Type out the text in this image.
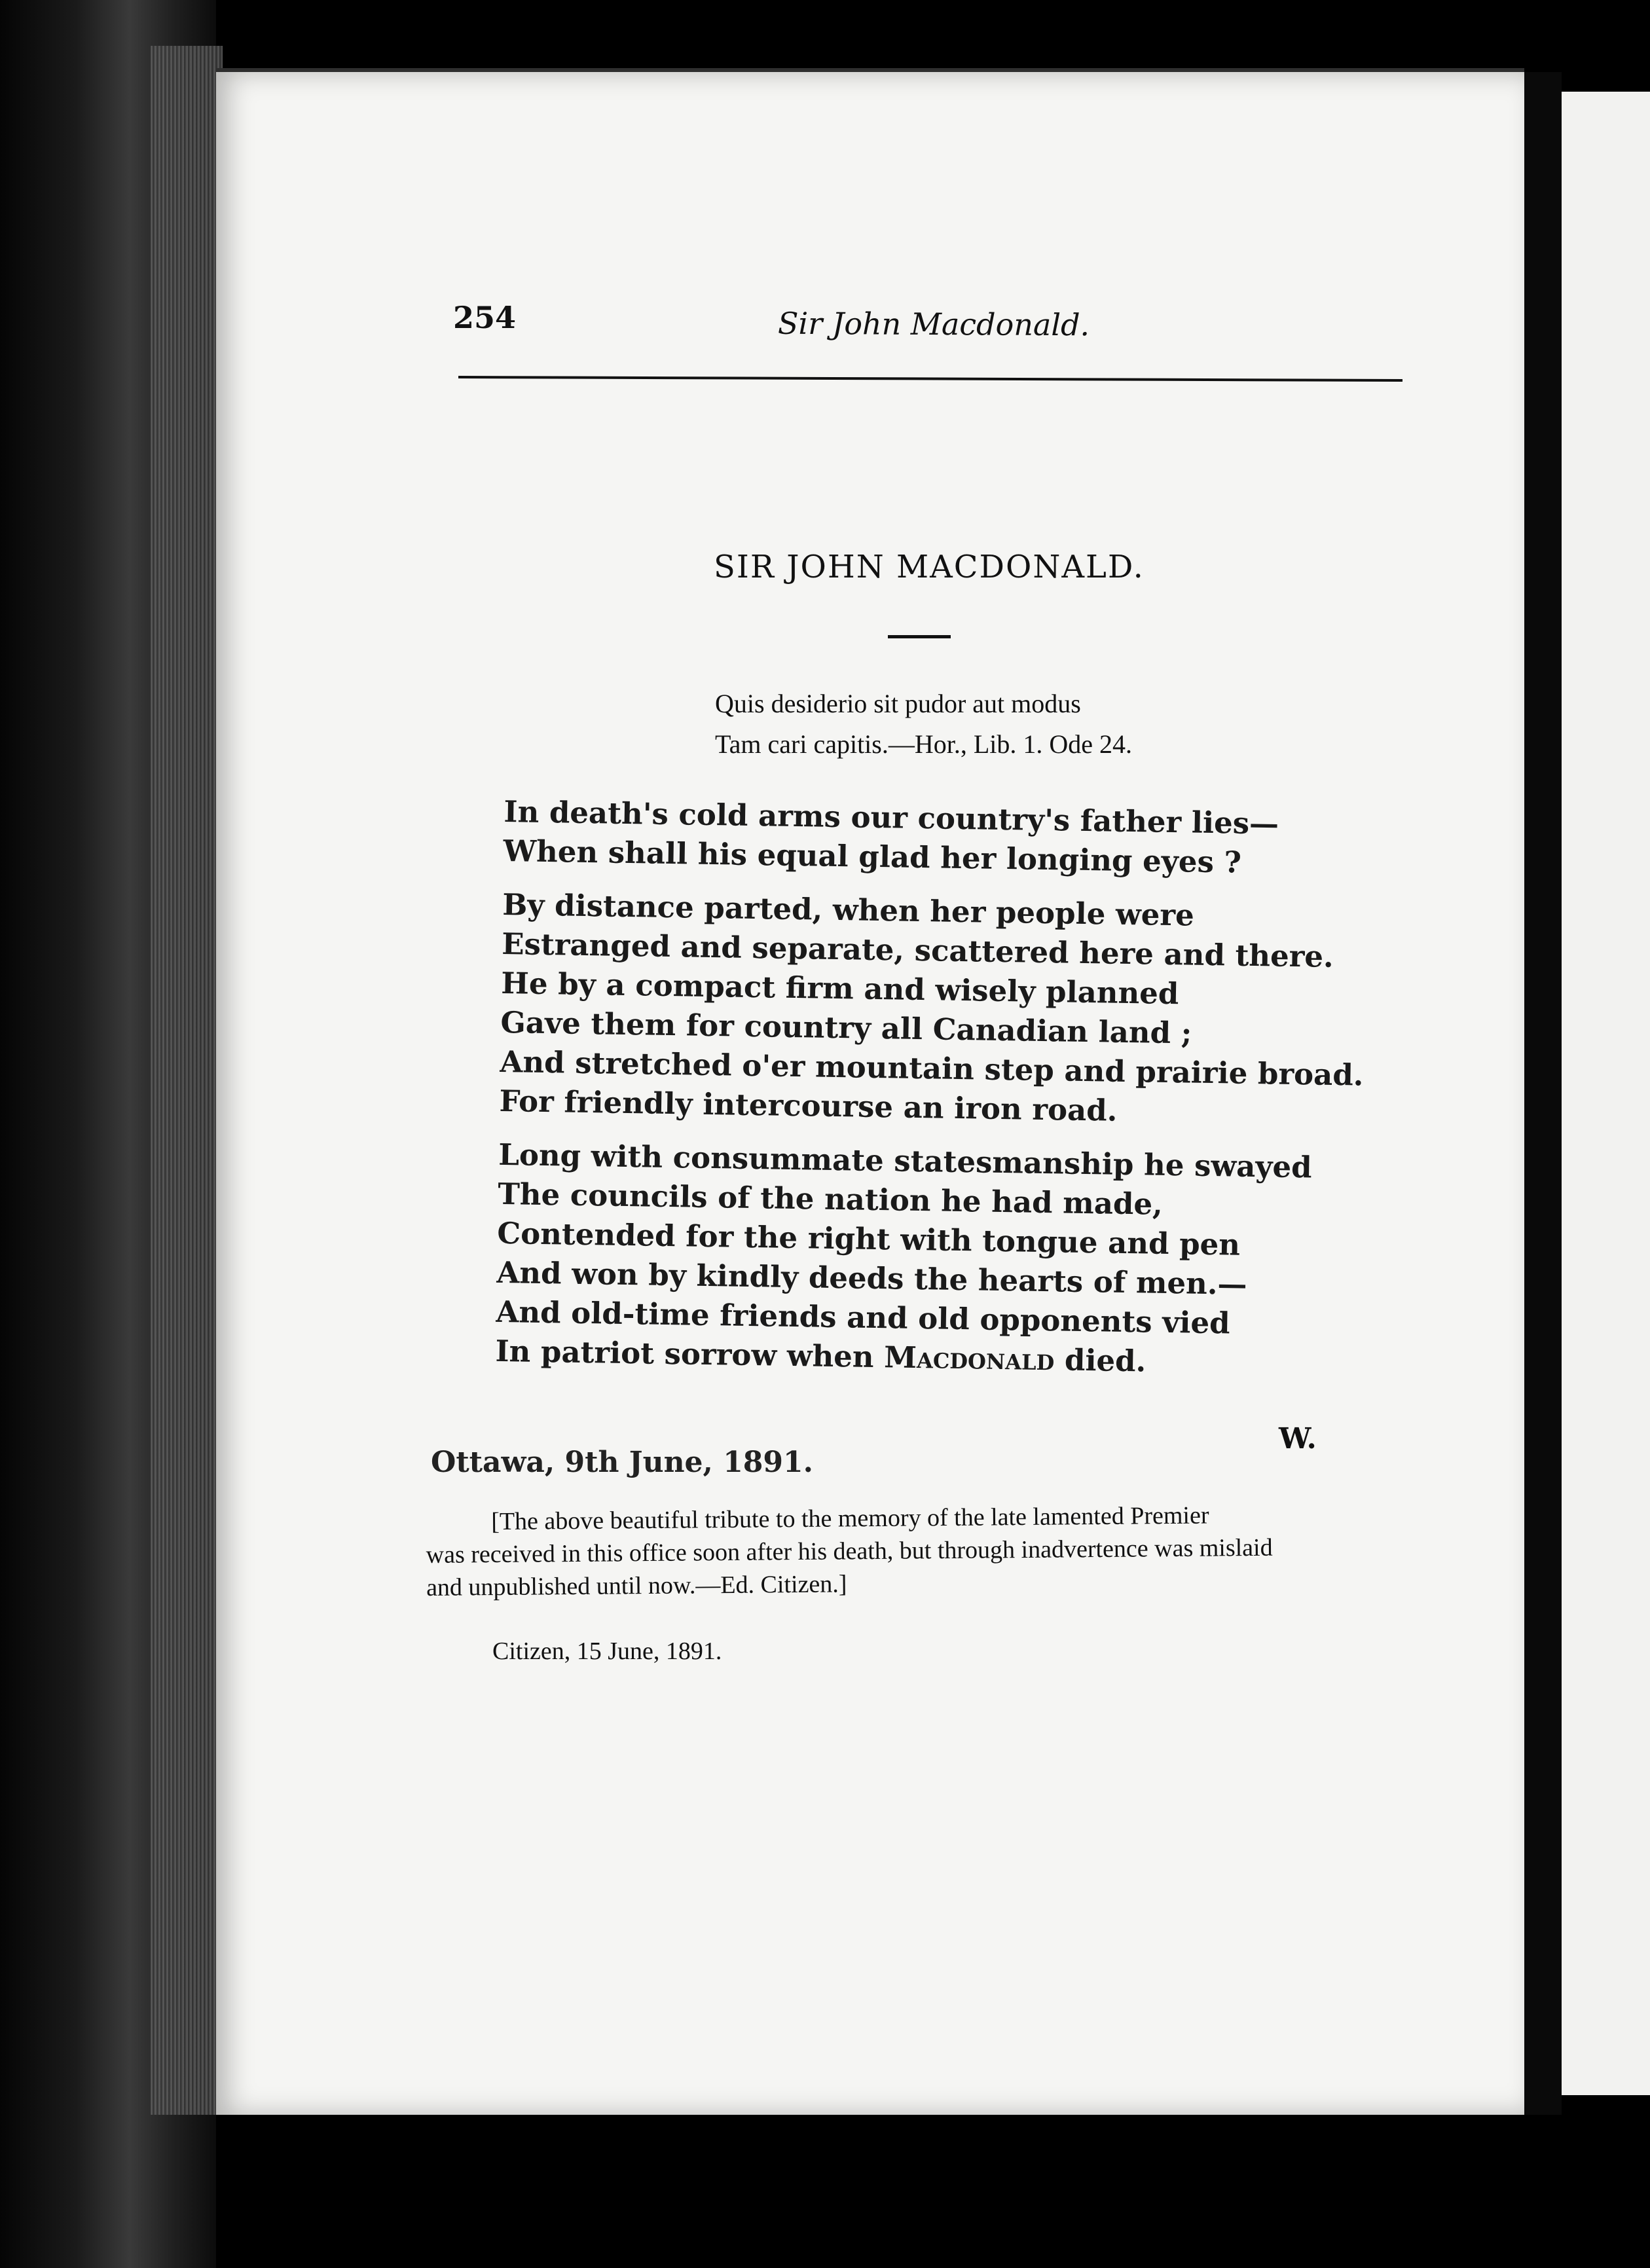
254	Sir John Macdonald.
SIR JOHN MACDONALD.
Quis desiderio sit pudor aut modus
Tam cari capitis.—Hor., Lib. 1. Ode 24.
In death's cold arms our country's father lies—
When shall his equal glad her longing eyes ?
By distance parted, when her people were
Estranged and separate, scattered here and there.
He by a compact firm and wisely planned
Gave them for country all Canadian land ;
And stretched o'er mountain step and prairie broad.
For friendly intercourse an iron road.
Long with consummate statesmanship he swayed
The councils of the nation he had made,
Contended for the right with tongue and pen
And won by kindly deeds the hearts of men.—
And old-time friends and old opponents vied
In patriot sorrow when Macdonald died.
W.
Ottawa, 9th June, 1891.
[The above beautiful tribute to the memory of the late lamented Premier
was received in this office soon after his death, but through inadvertence was mislaid
and unpublished until now.—Ed. Citizen.]
Citizen, 15 June, 1891.
